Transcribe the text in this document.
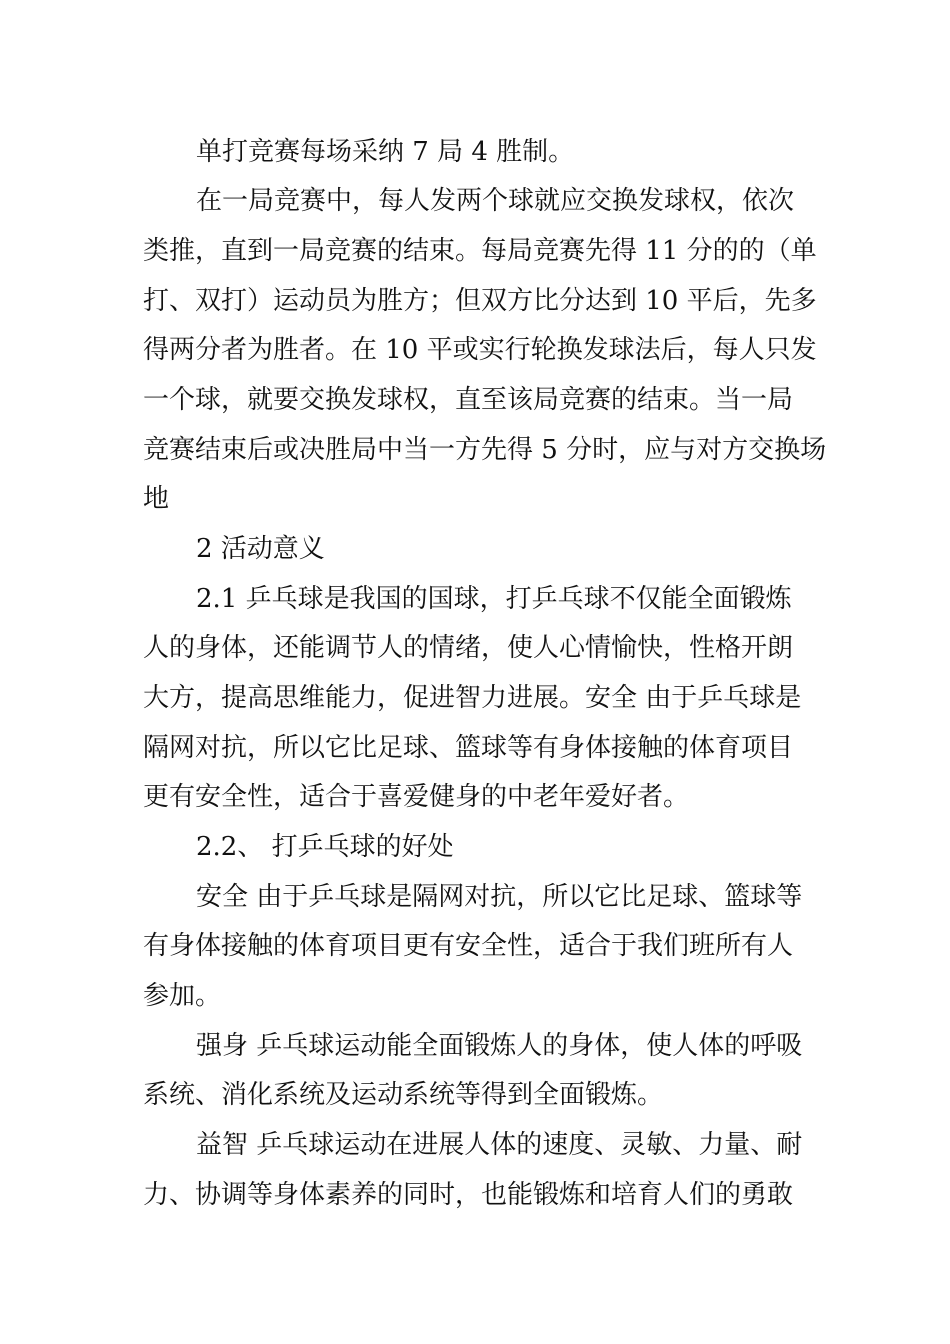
单打竞赛每场采纳 7 局 4 胜制。
在一局竞赛中，每人发两个球就应交换发球权，依次
类推，直到一局竞赛的结束。每局竞赛先得 11 分的的（单
打、双打）运动员为胜方；但双方比分达到 10 平后，先多
得两分者为胜者。在 10 平或实行轮换发球法后，每人只发
一个球，就要交换发球权，直至该局竞赛的结束。当一局
竞赛结束后或决胜局中当一方先得 5 分时，应与对方交换场
地
2 活动意义
2.1 乒乓球是我国的国球，打乒乓球不仅能全面锻炼
人的身体，还能调节人的情绪，使人心情愉快，性格开朗
大方，提高思维能力，促进智力进展。安全 由于乒乓球是
隔网对抗，所以它比足球、篮球等有身体接触的体育项目
更有安全性，适合于喜爱健身的中老年爱好者。
2.2、 打乒乓球的好处
安全 由于乒乓球是隔网对抗，所以它比足球、篮球等
有身体接触的体育项目更有安全性，适合于我们班所有人
参加。
强身 乒乓球运动能全面锻炼人的身体，使人体的呼吸
系统、消化系统及运动系统等得到全面锻炼。
益智 乒乓球运动在进展人体的速度、灵敏、力量、耐
力、协调等身体素养的同时，也能锻炼和培育人们的勇敢
